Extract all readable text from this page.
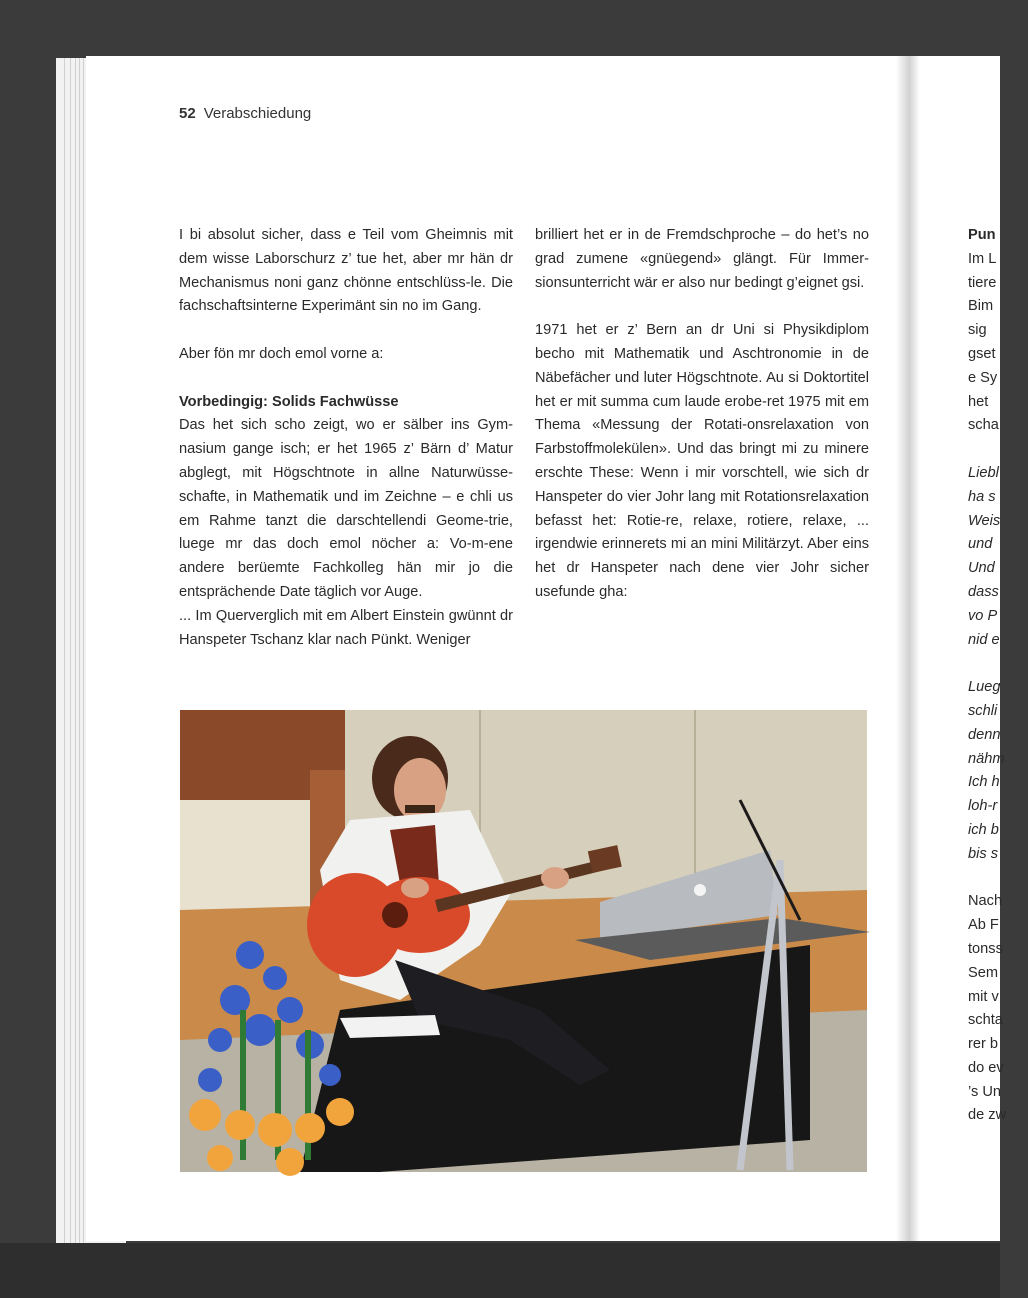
52 Verabschiedung

I bi absolut sicher, dass e Teil vom Gheimnis mit dem wisse Laborschurz z’ tue het, aber mr hän dr Mechanismus noni ganz chönne entschlüss-le. Die fachschaftsinterne Experimänt sin no im Gang.

Aber fön mr doch emol vorne a:

Vorbedingig: Solids Fachwüsse

Das het sich scho zeigt, wo er sälber ins Gym-nasium gange isch; er het 1965 z’ Bärn d’ Matur abglegt, mit Högschtnote in allne Naturwüsse-schafte, in Mathematik und im Zeichne – e chli us em Rahme tanzt die darschtellendi Geome-trie, luege mr das doch emol nöcher a: Vo-m-ene andere berüemte Fachkolleg hän mir jo die entsprächende Date täglich vor Auge.

... Im Querverglich mit em Albert Einstein gwünnt dr Hanspeter Tschanz klar nach Pünkt. Weniger

brilliert het er in de Fremdschproche – do het’s no grad zumene «gnüegend» glängt. Für Immer-sionsunterricht wär er also nur bedingt g’eignet gsi.

1971 het er z’ Bern an dr Uni si Physikdiplom becho mit Mathematik und Aschtronomie in de Näbefächer und luter Högschtnote. Au si Doktortitel het er mit summa cum laude erobe-ret 1975 mit em Thema «Messung der Rotati-onsrelaxation von Farbstoffmolekülen». Und das bringt mi zu minere erschte These: Wenn i mir vorschtell, wie sich dr Hanspeter do vier Johr lang mit Rotationsrelaxation befasst het: Rotie-re, relaxe, rotiere, relaxe, ... irgendwie erinnerets mi an mini Militärzyt. Aber eins het dr Hanspeter nach dene vier Johr sicher usefunde gha:

Pun
Im L
tiere
Bim
sig
gset
e Sy
het
scha
Liebl
ha s
Weis
und
Und
dass
vo P
nid e
Lueg
schli
denn
nähm
Ich h
loh-r
ich b
bis s
Nach
Ab F
tonss
Sem
mit v
schta
rer b
do ev
’s Un
de zw
